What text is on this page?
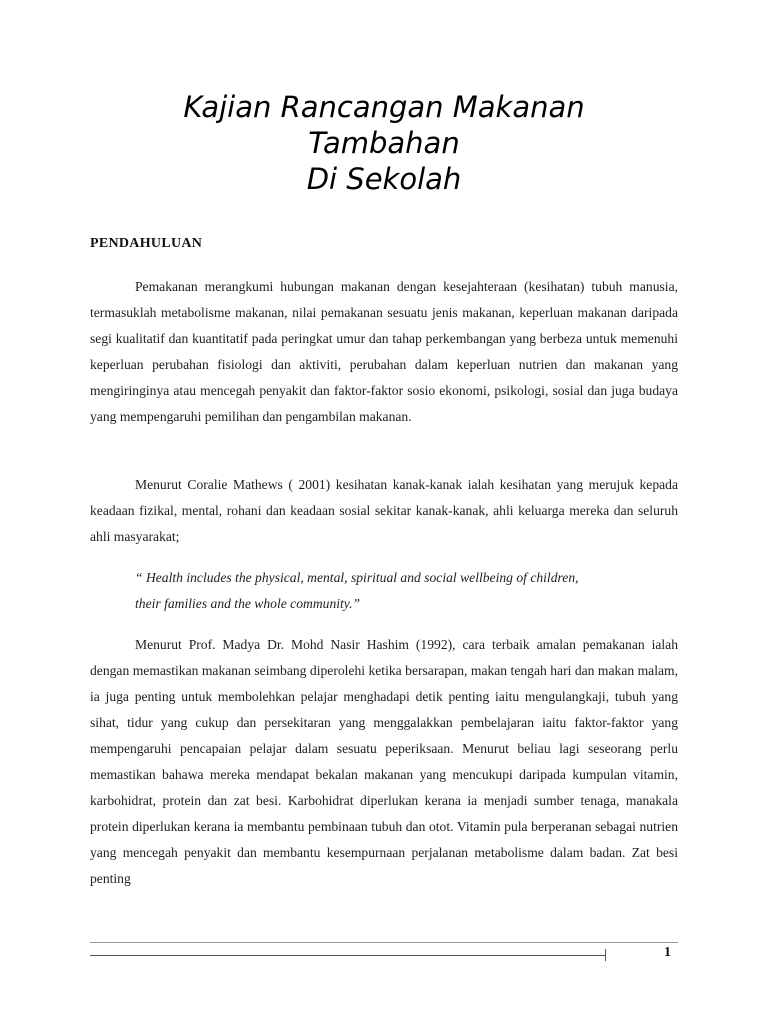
Kajian Rancangan Makanan
Tambahan
Di Sekolah
PENDAHULUAN

Pemakanan merangkumi hubungan makanan dengan kesejahteraan (kesihatan) tubuh manusia, termasuklah metabolisme makanan, nilai pemakanan sesuatu jenis makanan, keperluan makanan daripada segi kualitatif dan kuantitatif pada peringkat umur dan tahap perkembangan yang berbeza untuk memenuhi keperluan perubahan fisiologi dan aktiviti, perubahan dalam keperluan nutrien dan makanan yang mengiringinya atau mencegah penyakit dan faktor-faktor sosio ekonomi, psikologi, sosial dan juga budaya yang mempengaruhi pemilihan dan pengambilan makanan.

Menurut Coralie Mathews ( 2001) kesihatan kanak-kanak ialah kesihatan yang merujuk kepada keadaan fizikal, mental, rohani dan keadaan sosial sekitar kanak-kanak, ahli keluarga mereka dan seluruh ahli masyarakat;

“ Health includes the physical, mental, spiritual and social wellbeing of children,
their families and the whole community.”

Menurut Prof. Madya Dr. Mohd Nasir Hashim (1992), cara terbaik amalan pemakanan ialah dengan memastikan makanan seimbang diperolehi ketika bersarapan, makan tengah hari dan makan malam, ia juga penting untuk membolehkan pelajar menghadapi detik penting iaitu mengulangkaji, tubuh yang sihat, tidur yang cukup dan persekitaran yang menggalakkan pembelajaran iaitu faktor-faktor yang mempengaruhi pencapaian pelajar dalam sesuatu peperiksaan. Menurut beliau lagi seseorang perlu memastikan bahawa mereka mendapat bekalan makanan yang mencukupi daripada kumpulan vitamin, karbohidrat, protein dan zat besi. Karbohidrat diperlukan kerana ia menjadi sumber tenaga, manakala protein diperlukan kerana ia membantu pembinaan tubuh dan otot. Vitamin pula berperanan sebagai nutrien yang mencegah penyakit dan membantu kesempurnaan perjalanan metabolisme dalam badan. Zat besi penting

1
